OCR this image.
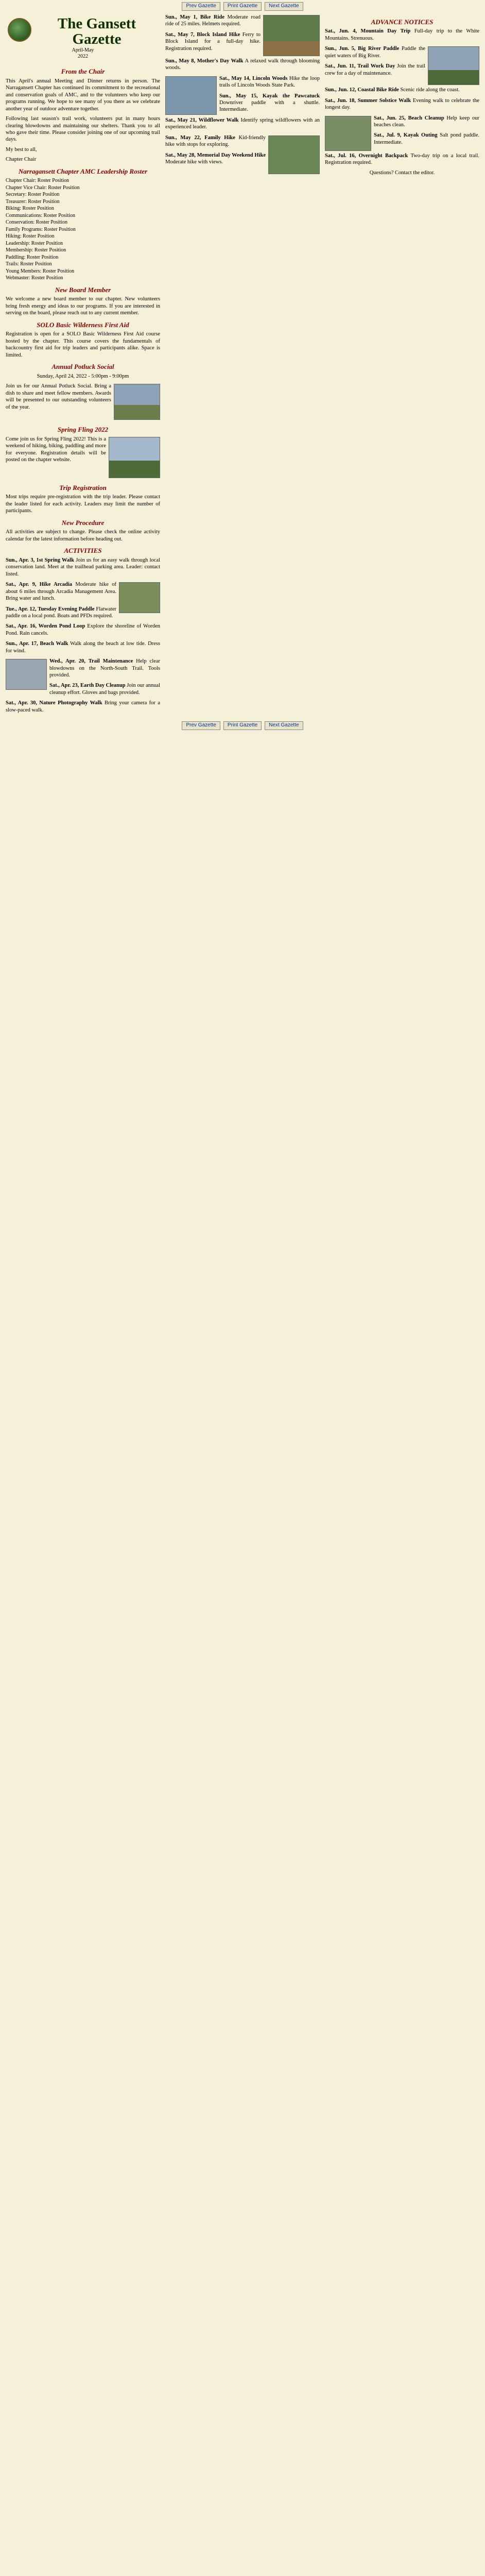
Prev Gazette	Print Gazette	Next Gazette
The Gansett
Gazette
April-May
2022
From the Chair

This April's annual Meeting and Dinner returns in person. The Narragansett Chapter has continued its commitment to the recreational and conservation goals of AMC, and to the volunteers who keep our programs running. We hope to see many of you there as we celebrate another year of outdoor adventure together.

Following last season's trail work, volunteers put in many hours clearing blowdowns and maintaining our shelters. Thank you to all who gave their time. Please consider joining one of our upcoming trail days.

My best to all,

Chapter Chair

Narragansett Chapter AMC Leadership Roster
Chapter Chair: Roster Position
Chapter Vice Chair: Roster Position
Secretary: Roster Position
Treasurer: Roster Position
Biking: Roster Position
Communications: Roster Position
Conservation: Roster Position
Family Programs: Roster Position
Hiking: Roster Position
Leadership: Roster Position
Membership: Roster Position
Paddling: Roster Position
Trails: Roster Position
Young Members: Roster Position
Webmaster: Roster Position
New Board Member

We welcome a new board member to our chapter. New volunteers bring fresh energy and ideas to our programs. If you are interested in serving on the board, please reach out to any current member.

SOLO Basic Wilderness First Aid

Registration is open for a SOLO Basic Wilderness First Aid course hosted by the chapter. This course covers the fundamentals of backcountry first aid for trip leaders and participants alike. Space is limited.

Annual Potluck Social

Sunday, April 24, 2022 - 5:00pm - 9:00pm

Join us for our Annual Potluck Social. Bring a dish to share and meet fellow members. Awards will be presented to our outstanding volunteers of the year.

Spring Fling 2022

Come join us for Spring Fling 2022! This is a weekend of hiking, biking, paddling and more for everyone. Registration details will be posted on the chapter website.

Trip Registration

Most trips require pre-registration with the trip leader. Please contact the leader listed for each activity. Leaders may limit the number of participants.

New Procedure

All activities are subject to change. Please check the online activity calendar for the latest information before heading out.

ACTIVITIES
Sun., Apr. 3, 1st Spring Walk Join us for an easy walk through local conservation land. Meet at the trailhead parking area. Leader: contact listed.
Sat., Apr. 9, Hike Arcadia Moderate hike of about 6 miles through Arcadia Management Area. Bring water and lunch.
Tue., Apr. 12, Tuesday Evening Paddle Flatwater paddle on a local pond. Boats and PFDs required.
Sat., Apr. 16, Worden Pond Loop Explore the shoreline of Worden Pond. Rain cancels.
Sun., Apr. 17, Beach Walk Walk along the beach at low tide. Dress for wind.
Wed., Apr. 20, Trail Maintenance Help clear blowdowns on the North-South Trail. Tools provided.
Sat., Apr. 23, Earth Day Cleanup Join our annual cleanup effort. Gloves and bags provided.
Sat., Apr. 30, Nature Photography Walk Bring your camera for a slow-paced walk.
Sun., May 1, Bike Ride Moderate road ride of 25 miles. Helmets required.
Sat., May 7, Block Island Hike Ferry to Block Island for a full-day hike. Registration required.
Sun., May 8, Mother's Day Walk A relaxed walk through blooming woods.
Sat., May 14, Lincoln Woods Hike the loop trails of Lincoln Woods State Park.
Sun., May 15, Kayak the Pawcatuck Downriver paddle with a shuttle. Intermediate.
Sat., May 21, Wildflower Walk Identify spring wildflowers with an experienced leader.
Sun., May 22, Family Hike Kid-friendly hike with stops for exploring.
Sat., May 28, Memorial Day Weekend Hike Moderate hike with views.
ADVANCE NOTICES
Sat., Jun. 4, Mountain Day Trip Full-day trip to the White Mountains. Strenuous.
Sun., Jun. 5, Big River Paddle Paddle the quiet waters of Big River.
Sat., Jun. 11, Trail Work Day Join the trail crew for a day of maintenance.
Sun., Jun. 12, Coastal Bike Ride Scenic ride along the coast.
Sat., Jun. 18, Summer Solstice Walk Evening walk to celebrate the longest day.
Sat., Jun. 25, Beach Cleanup Help keep our beaches clean.
Sat., Jul. 9, Kayak Outing Salt pond paddle. Intermediate.
Sat., Jul. 16, Overnight Backpack Two-day trip on a local trail. Registration required.

Questions? Contact the editor.

Prev Gazette	Print Gazette	Next Gazette
